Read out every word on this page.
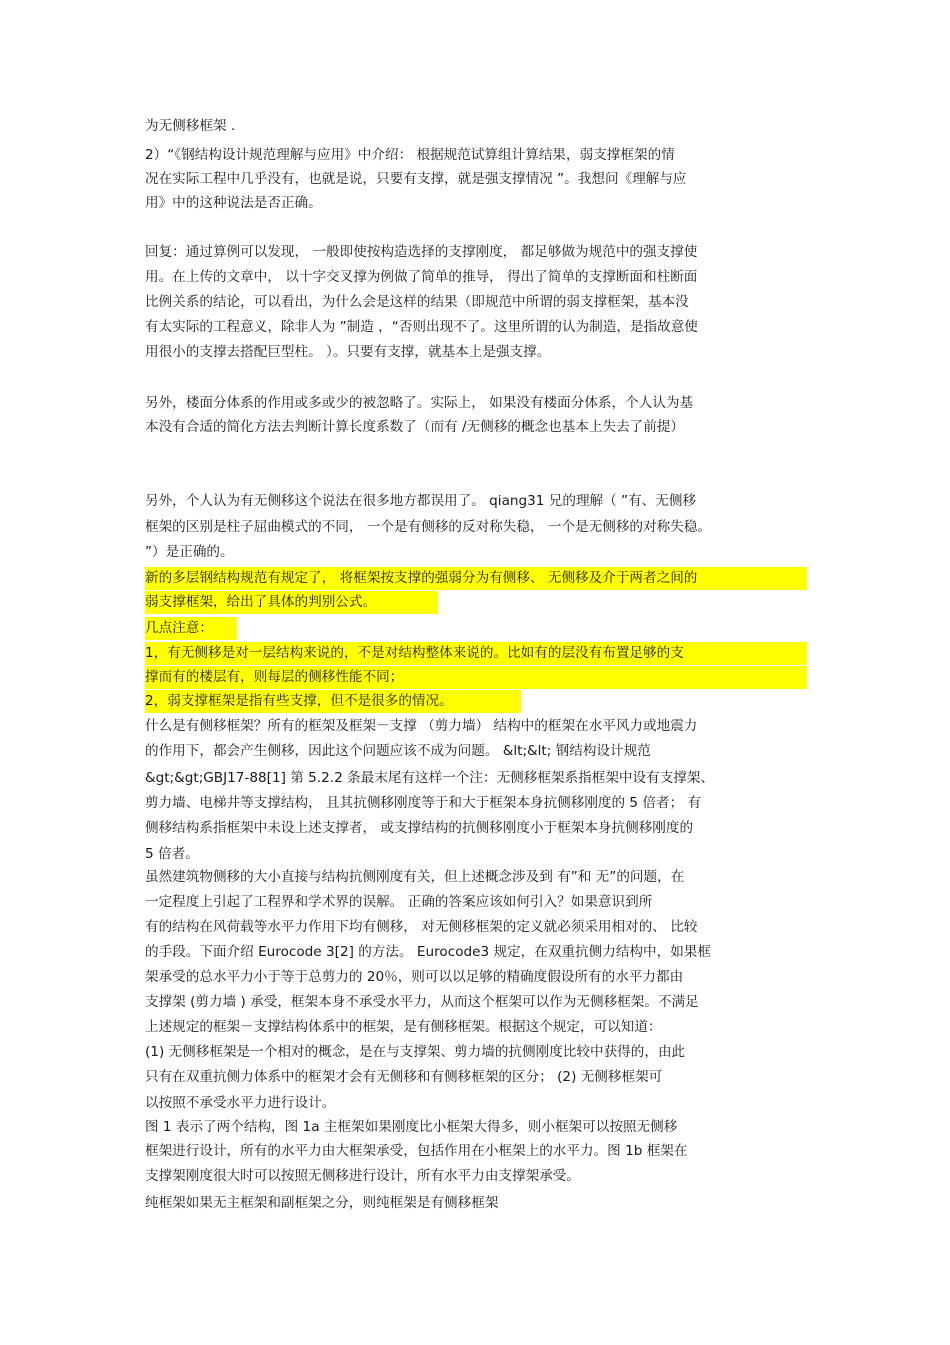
为无侧移框架 .
2）“《钢结构设计规范理解与应用》中介绍： 根据规范试算组计算结果，弱支撑框架的情
况在实际工程中几乎没有，也就是说，只要有支撑，就是强支撑情况 ”。我想问《理解与应
用》中的这种说法是否正确。
回复：通过算例可以发现， 一般即使按构造选择的支撑刚度， 都足够做为规范中的强支撑使
用。在上传的文章中， 以十字交叉撑为例做了简单的推导， 得出了简单的支撑断面和柱断面
比例关系的结论，可以看出，为什么会是这样的结果（即规范中所谓的弱支撑框架，基本没
有太实际的工程意义，除非人为 ”制造 ，“否则出现不了。这里所谓的认为制造，是指故意使
用很小的支撑去搭配巨型柱。 ）。只要有支撑，就基本上是强支撑。
另外，楼面分体系的作用或多或少的被忽略了。实际上， 如果没有楼面分体系，个人认为基
本没有合适的简化方法去判断计算长度系数了（而有 /无侧移的概念也基本上失去了前提）
另外，个人认为有无侧移这个说法在很多地方都误用了。 qiang31 兄的理解（ ”有、无侧移
框架的区别是柱子屈曲模式的不同， 一个是有侧移的反对称失稳， 一个是无侧移的对称失稳。
”）是正确的。
新的多层钢结构规范有规定了， 将框架按支撑的强弱分为有侧移、 无侧移及介于两者之间的
弱支撑框架，给出了具体的判别公式。
几点注意：
1，有无侧移是对一层结构来说的，不是对结构整体来说的。比如有的层没有布置足够的支
撑而有的楼层有，则每层的侧移性能不同；
2，弱支撑框架是指有些支撑，但不是很多的情况。
什么是有侧移框架？所有的框架及框架－支撑 （剪力墙） 结构中的框架在水平风力或地震力
的作用下，都会产生侧移，因此这个问题应该不成为问题。 &lt;&lt; 钢结构设计规范
&gt;&gt;GBJ17-88[1] 第 5.2.2 条最末尾有这样一个注：无侧移框架系指框架中设有支撑架、
剪力墙、电梯井等支撑结构， 且其抗侧移刚度等于和大于框架本身抗侧移刚度的 5 倍者； 有
侧移结构系指框架中未设上述支撑者， 或支撑结构的抗侧移刚度小于框架本身抗侧移刚度的
5 倍者。
虽然建筑物侧移的大小直接与结构抗侧刚度有关，但上述概念涉及到 有”和 无”的问题，在
一定程度上引起了工程界和学术界的误解。 正确的答案应该如何引入？如果意识到所
有的结构在风荷载等水平力作用下均有侧移， 对无侧移框架的定义就必须采用相对的、 比较
的手段。下面介绍 Eurocode 3[2] 的方法。 Eurocode3 规定，在双重抗侧力结构中，如果框
架承受的总水平力小于等于总剪力的 20％，则可以以足够的精确度假设所有的水平力都由
支撑架 (剪力墙 ) 承受，框架本身不承受水平力，从而这个框架可以作为无侧移框架。不满足
上述规定的框架－支撑结构体系中的框架，是有侧移框架。根据这个规定，可以知道：
(1) 无侧移框架是一个相对的概念，是在与支撑架、剪力墙的抗侧刚度比较中获得的，由此
只有在双重抗侧力体系中的框架才会有无侧移和有侧移框架的区分； (2) 无侧移框架可
以按照不承受水平力进行设计。
图 1 表示了两个结构，图 1a 主框架如果刚度比小框架大得多，则小框架可以按照无侧移
框架进行设计，所有的水平力由大框架承受，包括作用在小框架上的水平力。图 1b 框架在
支撑架刚度很大时可以按照无侧移进行设计，所有水平力由支撑架承受。
纯框架如果无主框架和副框架之分，则纯框架是有侧移框架
